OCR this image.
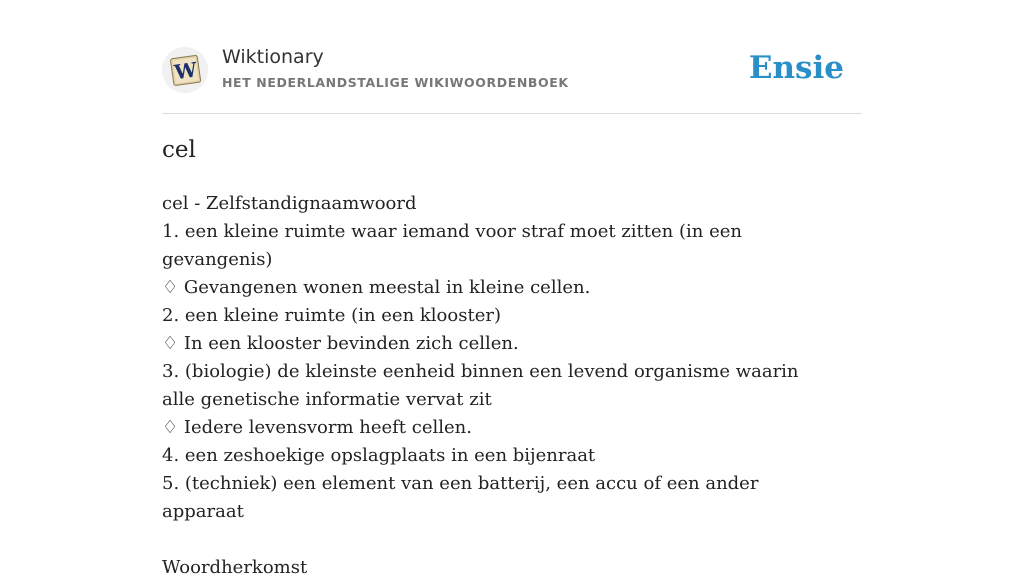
W
Wiktionary
HET NEDERLANDSTALIGE WIKIWOORDENBOEK	Ensie
cel
cel - Zelfstandignaamwoord
1. een kleine ruimte waar iemand voor straf moet zitten (in een gevangenis)
♢ Gevangenen wonen meestal in kleine cellen.
2. een kleine ruimte (in een klooster)
♢ In een klooster bevinden zich cellen.
3. (biologie) de kleinste eenheid binnen een levend organisme waarin alle genetische informatie vervat zit
♢ Iedere levensvorm heeft cellen.
4. een zeshoekige opslagplaats in een bijenraat
5. (techniek) een element van een batterij, een accu of een ander apparaat
Woordherkomst
